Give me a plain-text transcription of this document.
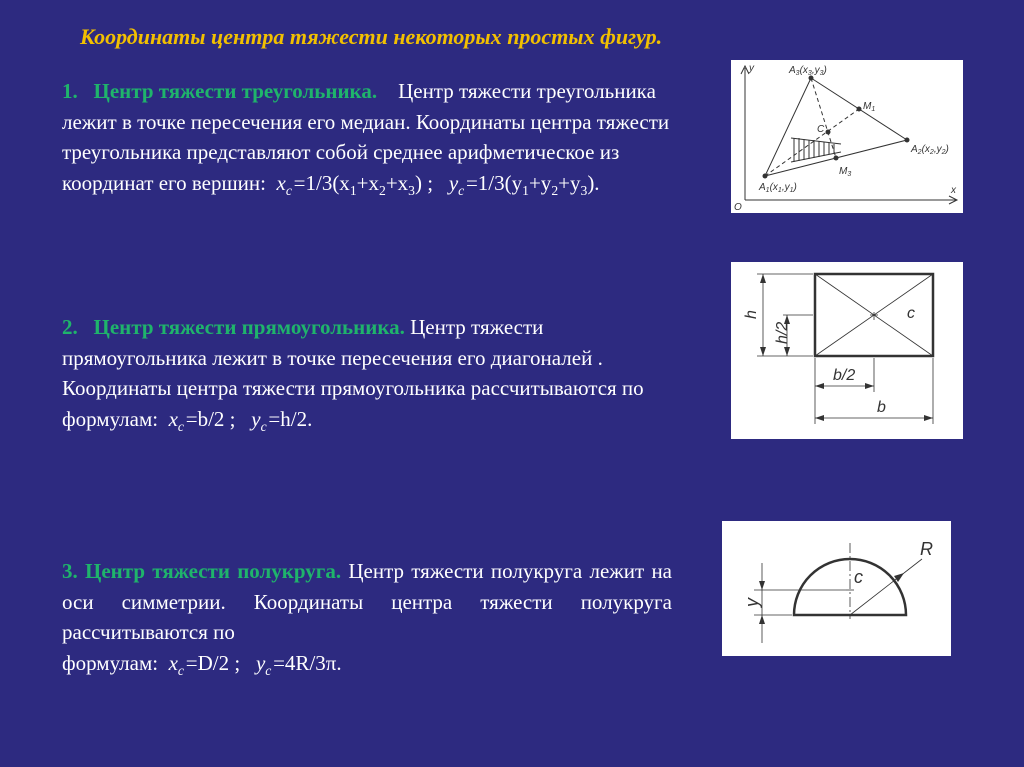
Координаты центра тяжести некоторых простых фигур.
1. Центр тяжести треугольника. Центр тяжести треугольника лежит в точке пересечения его медиан. Координаты центра тяжести треугольника представляют собой среднее арифметическое из координат его вершин: $x_c$ $=1/3(x_1+x_2+x_3)$ ; $y_c$ $=1/3(y_1+y_2+y_3)$.
2. Центр тяжести прямоугольника. Центр тяжести прямоугольника лежит в точке пересечения его диагоналей . Координаты центра тяжести прямоугольника рассчитываются по
формулам: $x_c$ =b/2 ; $y_c$ =h/2.
3. Центр тяжести полукруга. Центр тяжести полукруга лежит на оси симметрии. Координаты центра тяжести полукруга рассчитываются по
формулам: $x_c$ =D/2 ; $y_c$ =4R/3π.
y
x
O
$A_3(x_3,y_3)$
$A_2(x_2,y_2)$
$A_1(x_1,y_1)$
$M_1$
$M_3$
C
h
h/2
b/2
b
c
R
c
y
